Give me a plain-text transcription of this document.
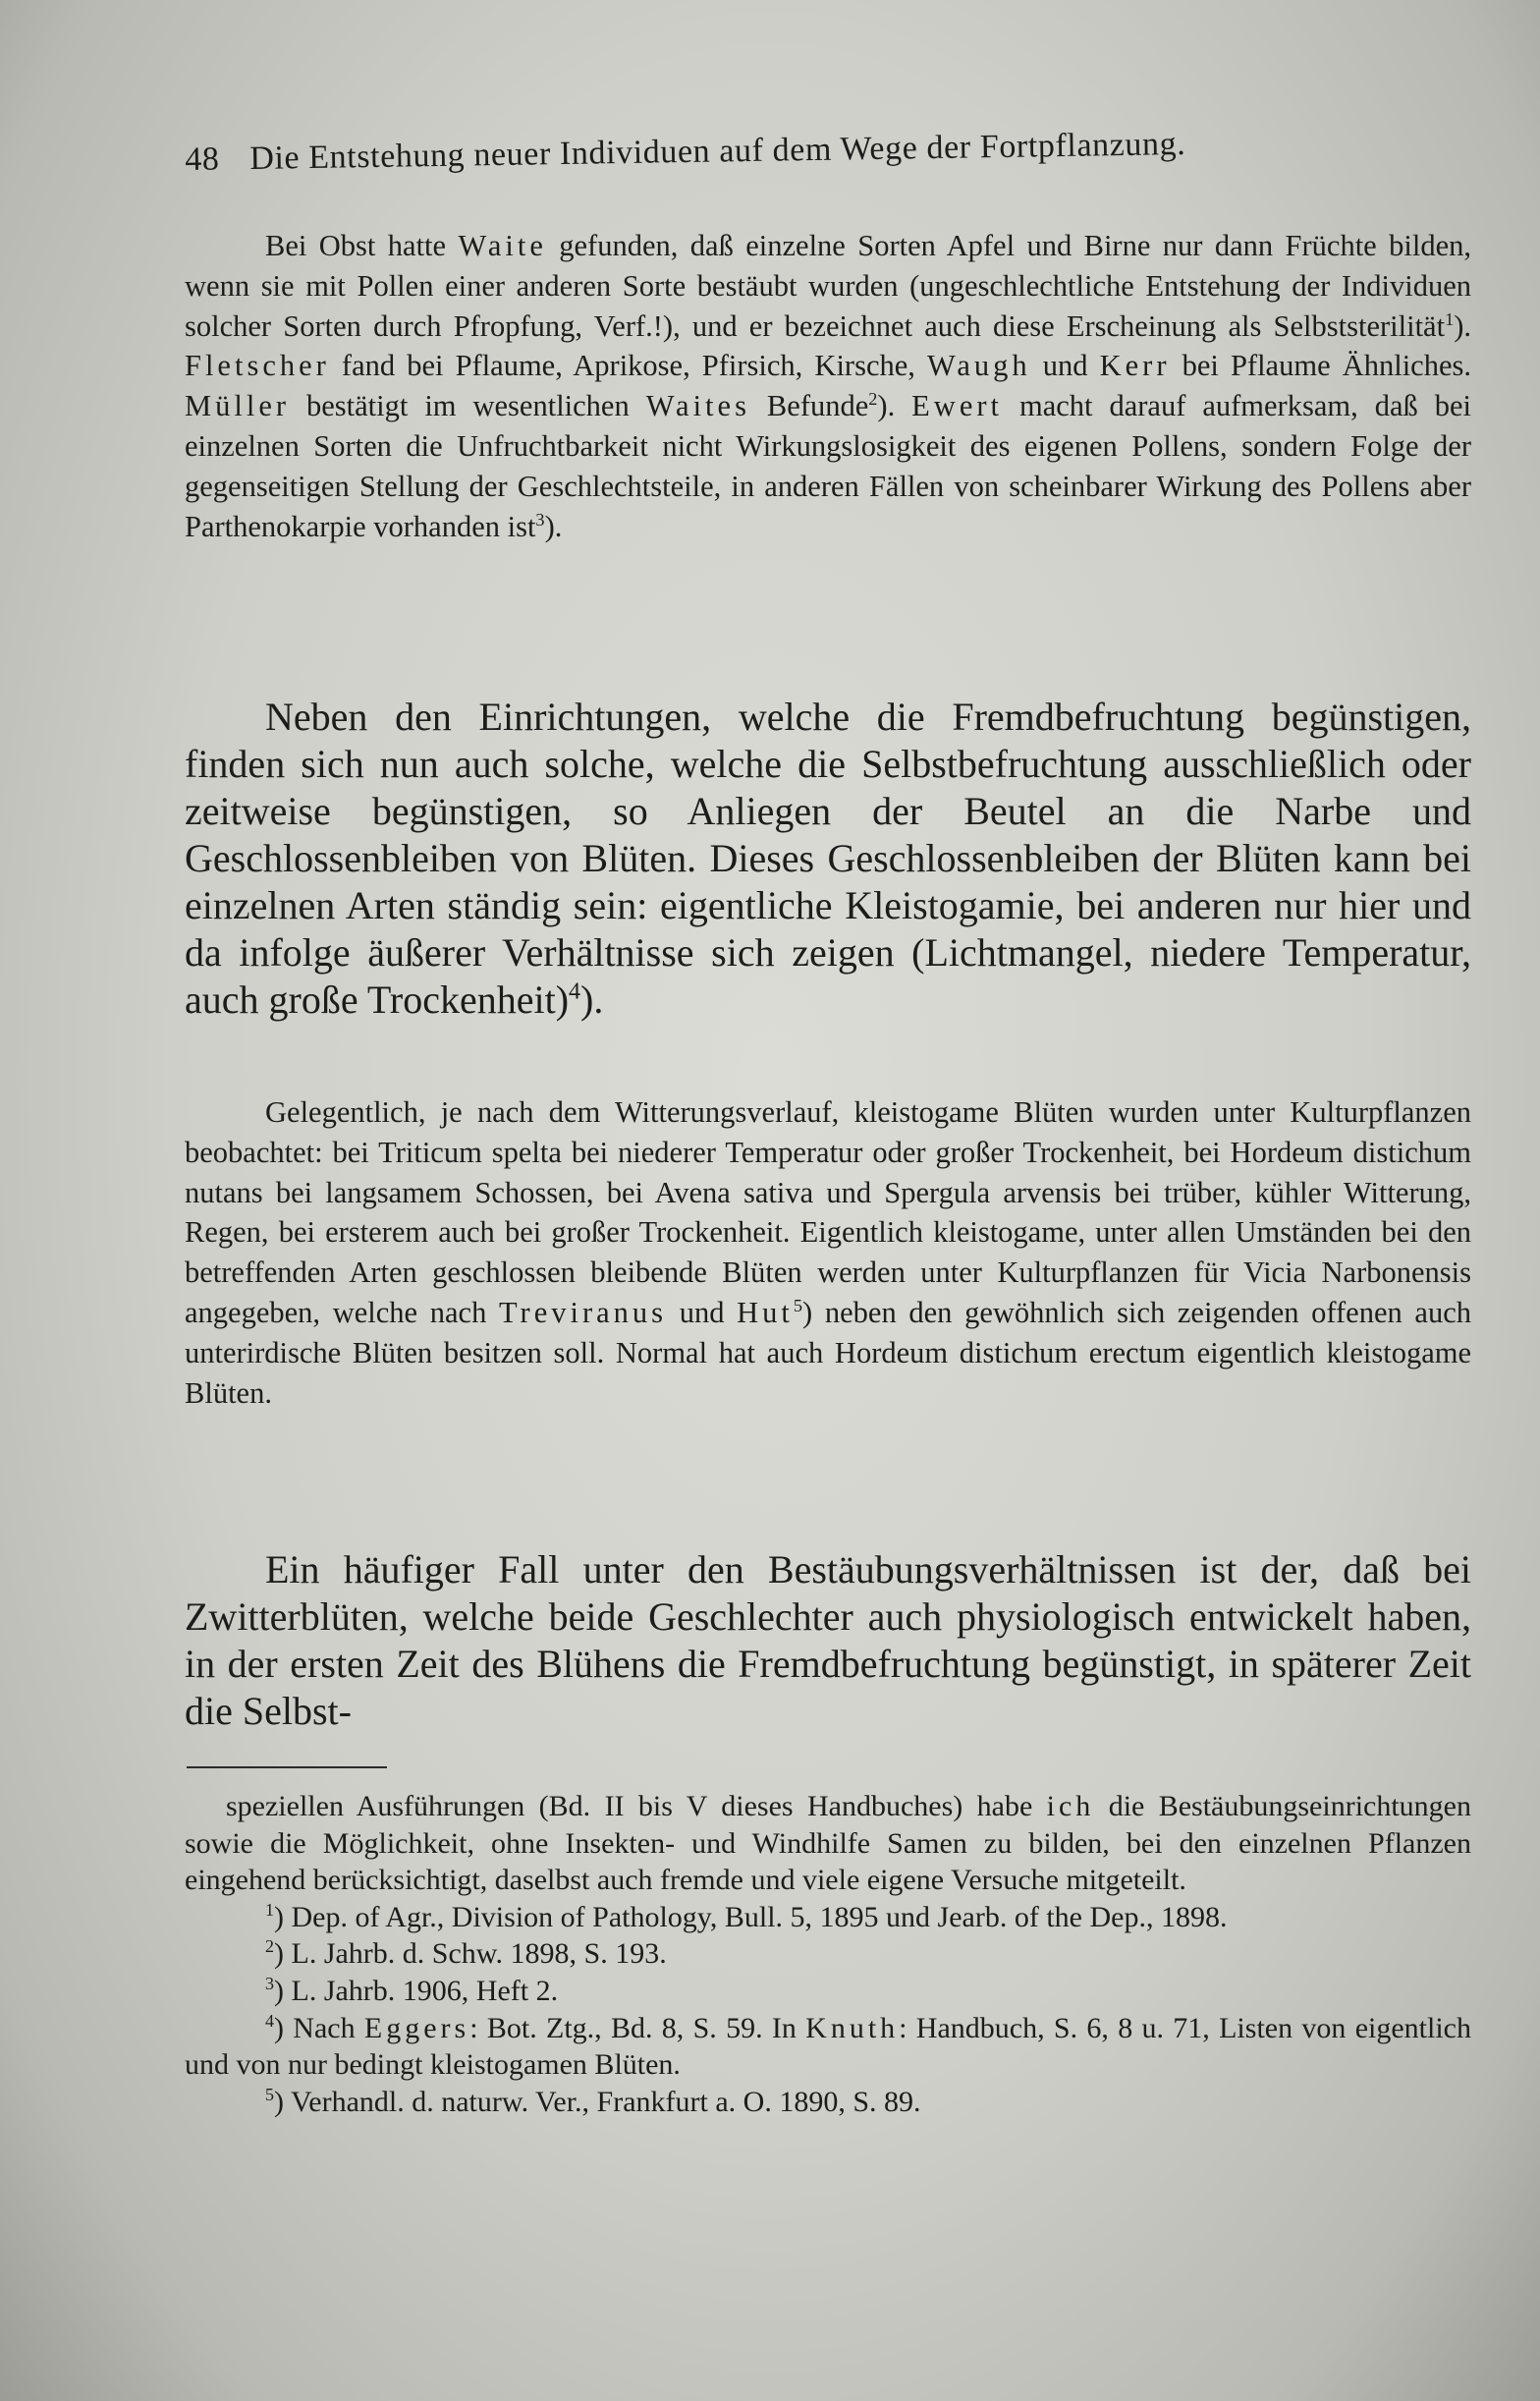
48 Die Entstehung neuer Individuen auf dem Wege der Fortpflanzung.

Bei Obst hatte Waite gefunden, daß einzelne Sorten Apfel und Birne nur dann Früchte bilden, wenn sie mit Pollen einer anderen Sorte bestäubt wurden (ungeschlechtliche Entstehung der Individuen solcher Sorten durch Pfropfung, Verf.!), und er bezeichnet auch diese Erscheinung als Selbststerilität$^1$). Fletscher fand bei Pflaume, Aprikose, Pfirsich, Kirsche, Waugh und Kerr bei Pflaume Ähnliches. Müller bestätigt im wesentlichen Waites Befunde$^2$). Ewert macht darauf aufmerksam, daß bei einzelnen Sorten die Unfruchtbarkeit nicht Wirkungslosigkeit des eigenen Pollens, sondern Folge der gegenseitigen Stellung der Geschlechtsteile, in anderen Fällen von scheinbarer Wirkung des Pollens aber Parthenokarpie vorhanden ist$^3$).

Neben den Einrichtungen, welche die Fremdbefruchtung begünstigen, finden sich nun auch solche, welche die Selbstbefruchtung ausschließlich oder zeitweise begünstigen, so Anliegen der Beutel an die Narbe und Geschlossenbleiben von Blüten. Dieses Geschlossenbleiben der Blüten kann bei einzelnen Arten ständig sein: eigentliche Kleistogamie, bei anderen nur hier und da infolge äußerer Verhältnisse sich zeigen (Lichtmangel, niedere Temperatur, auch große Trockenheit)$^4$).

Gelegentlich, je nach dem Witterungsverlauf, kleistogame Blüten wurden unter Kulturpflanzen beobachtet: bei Triticum spelta bei niederer Temperatur oder großer Trockenheit, bei Hordeum distichum nutans bei langsamem Schossen, bei Avena sativa und Spergula arvensis bei trüber, kühler Witterung, Regen, bei ersterem auch bei großer Trockenheit. Eigentlich kleistogame, unter allen Umständen bei den betreffenden Arten geschlossen bleibende Blüten werden unter Kulturpflanzen für Vicia Narbonensis angegeben, welche nach Treviranus und Hut$^5$) neben den gewöhnlich sich zeigenden offenen auch unterirdische Blüten besitzen soll. Normal hat auch Hordeum distichum erectum eigentlich kleistogame Blüten.

Ein häufiger Fall unter den Bestäubungsverhältnissen ist der, daß bei Zwitterblüten, welche beide Geschlechter auch physiologisch entwickelt haben, in der ersten Zeit des Blühens die Fremdbefruchtung begünstigt, in späterer Zeit die Selbst-

speziellen Ausführungen (Bd. II bis V dieses Handbuches) habe ich die Bestäubungseinrichtungen sowie die Möglichkeit, ohne Insekten- und Windhilfe Samen zu bilden, bei den einzelnen Pflanzen eingehend berücksichtigt, daselbst auch fremde und viele eigene Versuche mitgeteilt.

$^1$) Dep. of Agr., Division of Pathology, Bull. 5, 1895 und Jearb. of the Dep., 1898.

$^2$) L. Jahrb. d. Schw. 1898, S. 193.

$^3$) L. Jahrb. 1906, Heft 2.

$^4$) Nach Eggers: Bot. Ztg., Bd. 8, S. 59. In Knuth: Handbuch, S. 6, 8 u. 71, Listen von eigentlich und von nur bedingt kleistogamen Blüten.

$^5$) Verhandl. d. naturw. Ver., Frankfurt a. O. 1890, S. 89.
